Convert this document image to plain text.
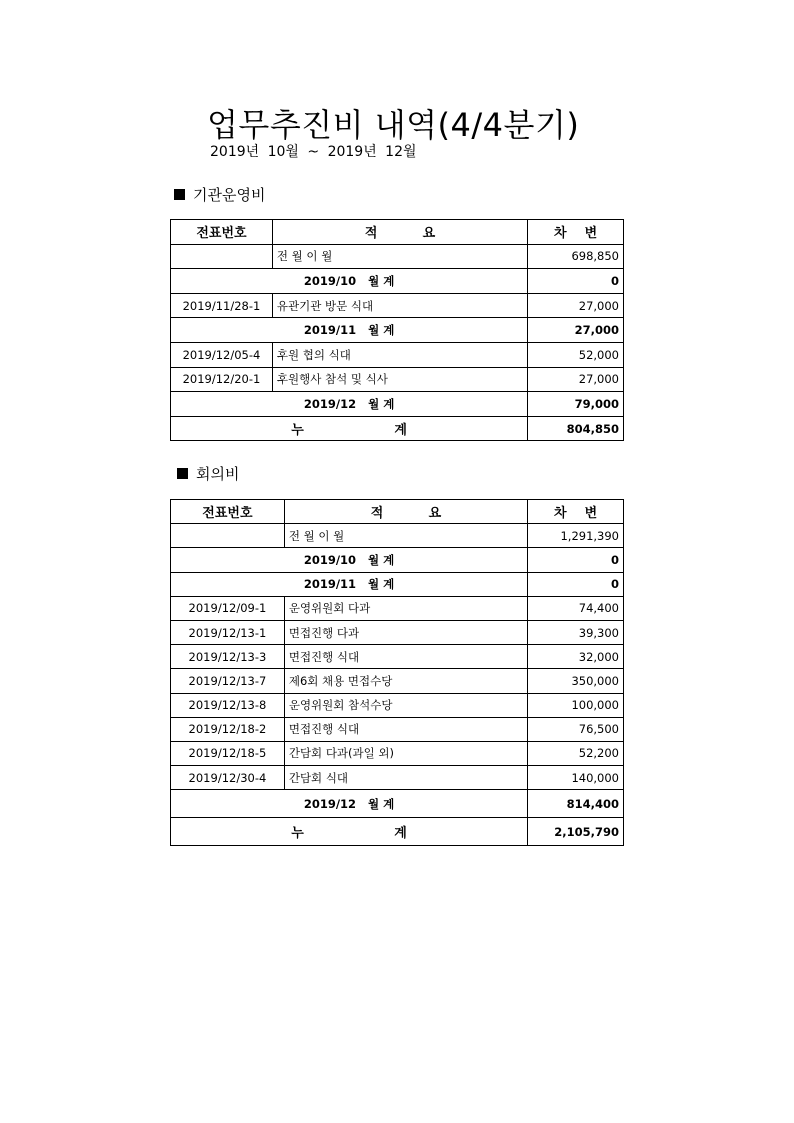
업무추진비 내역(4/4분기)
2019년 10월 ~ 2019년 12월
기관운영비
전표번호	적          요	차    변
	전 월 이 월	698,850
2019/10   월 계		0
2019/11/28-1	유관기관 방문 식대	27,000
2019/11   월 계		27,000
2019/12/05-4	후원 협의 식대	52,000
2019/12/20-1	후원행사 참석 및 식사	27,000
2019/12   월 계		79,000
누                    계		804,850
회의비
전표번호	적          요	차    변
	전 월 이 월	1,291,390
2019/10   월 계		0
2019/11   월 계		0
2019/12/09-1	운영위원회 다과	74,400
2019/12/13-1	면접진행 다과	39,300
2019/12/13-3	면접진행 식대	32,000
2019/12/13-7	제6회 채용 면접수당	350,000
2019/12/13-8	운영위원회 참석수당	100,000
2019/12/18-2	면접진행 식대	76,500
2019/12/18-5	간담회 다과(과일 외)	52,200
2019/12/30-4	간담회 식대	140,000
2019/12   월 계		814,400
누                    계		2,105,790
